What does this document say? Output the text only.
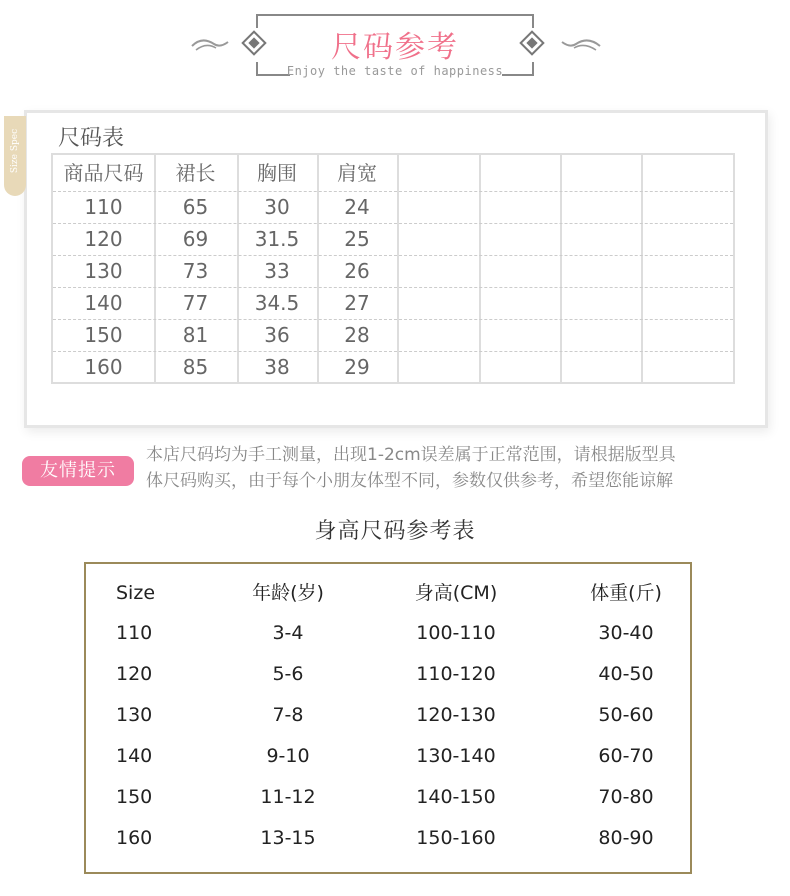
尺码参考
Enjoy the taste of happiness
Size Spec 尺码表
商品尺码	裙长	胸围	肩宽
110	65	30	24
120	69	31.5	25
130	73	33	26
140	77	34.5	27
150	81	36	28
160	85	38	29
友情提示
本店尺码均为手工测量，出现1-2cm误差属于正常范围，请根据版型具
体尺码购买，由于每个小朋友体型不同，参数仅供参考，希望您能谅解
身高尺码参考表
Size	年龄(岁)	身高(CM)	体重(斤)
110	3-4	100-110	30-40
120	5-6	110-120	40-50
130	7-8	120-130	50-60
140	9-10	130-140	60-70
150	11-12	140-150	70-80
160	13-15	150-160	80-90
